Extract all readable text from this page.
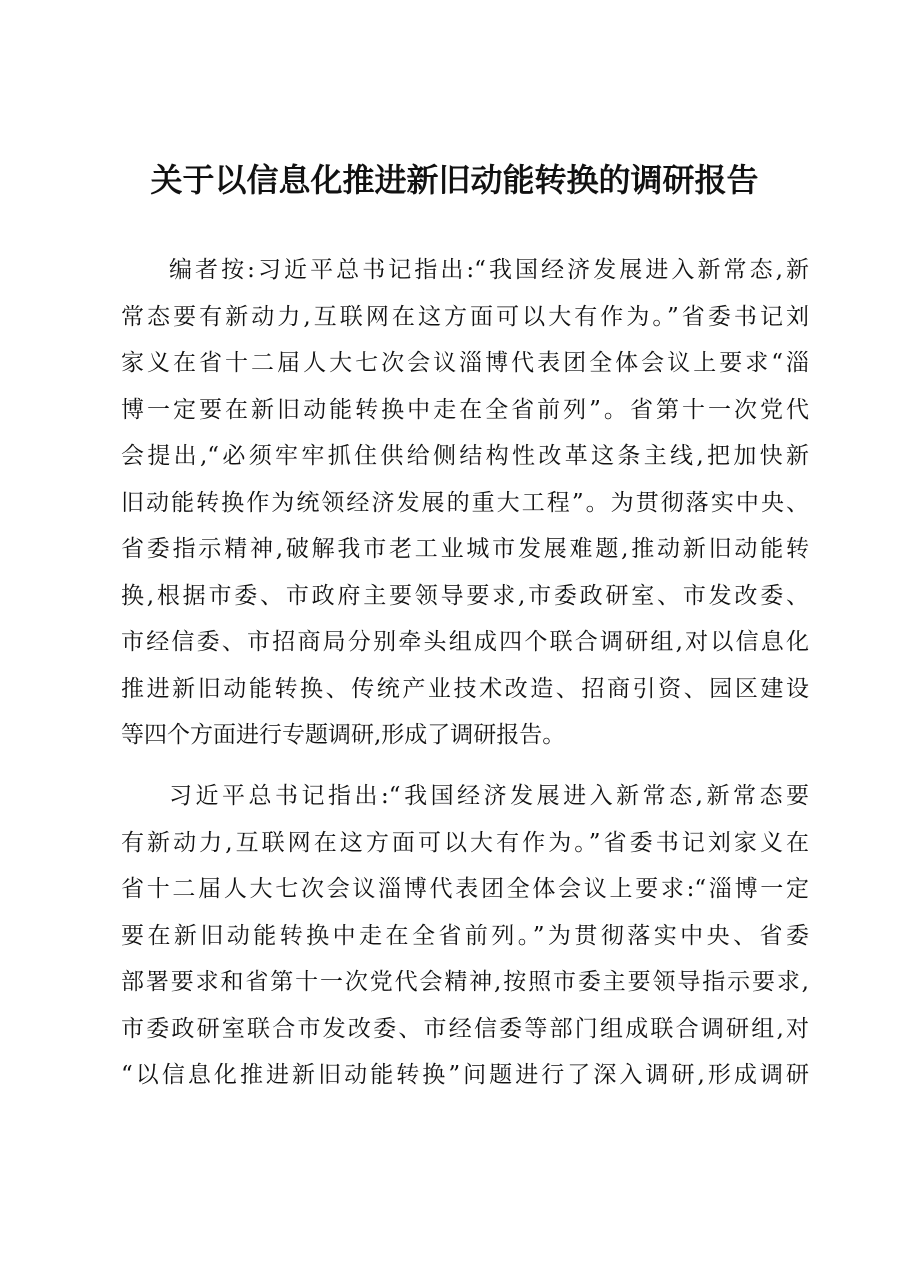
关于以信息化推进新旧动能转换的调研报告
编者按:习近平总书记指出:“我国经济发展进入新常态,新
常态要有新动力,互联网在这方面可以大有作为。”省委书记刘
家义在省十二届人大七次会议淄博代表团全体会议上要求“淄
博一定要在新旧动能转换中走在全省前列”。省第十一次党代
会提出,“必须牢牢抓住供给侧结构性改革这条主线,把加快新
旧动能转换作为统领经济发展的重大工程”。为贯彻落实中央、
省委指示精神,破解我市老工业城市发展难题,推动新旧动能转
换,根据市委、市政府主要领导要求,市委政研室、市发改委、
市经信委、市招商局分别牵头组成四个联合调研组,对以信息化
推进新旧动能转换、传统产业技术改造、招商引资、园区建设
等四个方面进行专题调研,形成了调研报告。
习近平总书记指出:“我国经济发展进入新常态,新常态要
有新动力,互联网在这方面可以大有作为。”省委书记刘家义在
省十二届人大七次会议淄博代表团全体会议上要求:“淄博一定
要在新旧动能转换中走在全省前列。”为贯彻落实中央、省委
部署要求和省第十一次党代会精神,按照市委主要领导指示要求,
市委政研室联合市发改委、市经信委等部门组成联合调研组,对
“以信息化推进新旧动能转换”问题进行了深入调研,形成调研
